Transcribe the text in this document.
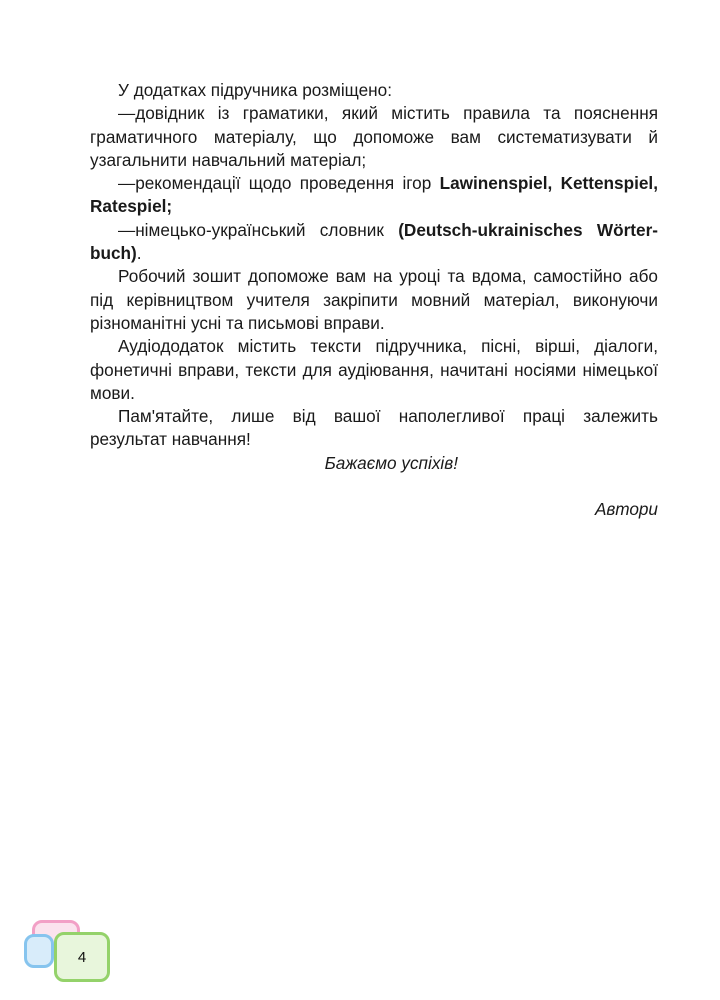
У додатках підручника розміщено:

—довідник із граматики, який містить правила та пояснення граматичного матеріалу, що допоможе вам систематизувати й узагальнити навчальний матеріал;

—рекомендації щодо проведення ігор Lawinenspiel, Kettenspiel, Ratespiel;

—німецько-український словник (Deutsch-ukrainisches Wörterbuch).

Робочий зошит допоможе вам на уроці та вдома, самостійно або під керівництвом учителя закріпити мовний матеріал, виконуючи різноманітні усні та письмові вправи.

Аудіододаток містить тексти підручника, пісні, вірші, діалоги, фонетичні вправи, тексти для аудіювання, начитані носіями німецької мови.

Пам'ятайте, лише від вашої наполегливої праці залежить результат навчання!

Бажаємо успіхів!

Автори

4
